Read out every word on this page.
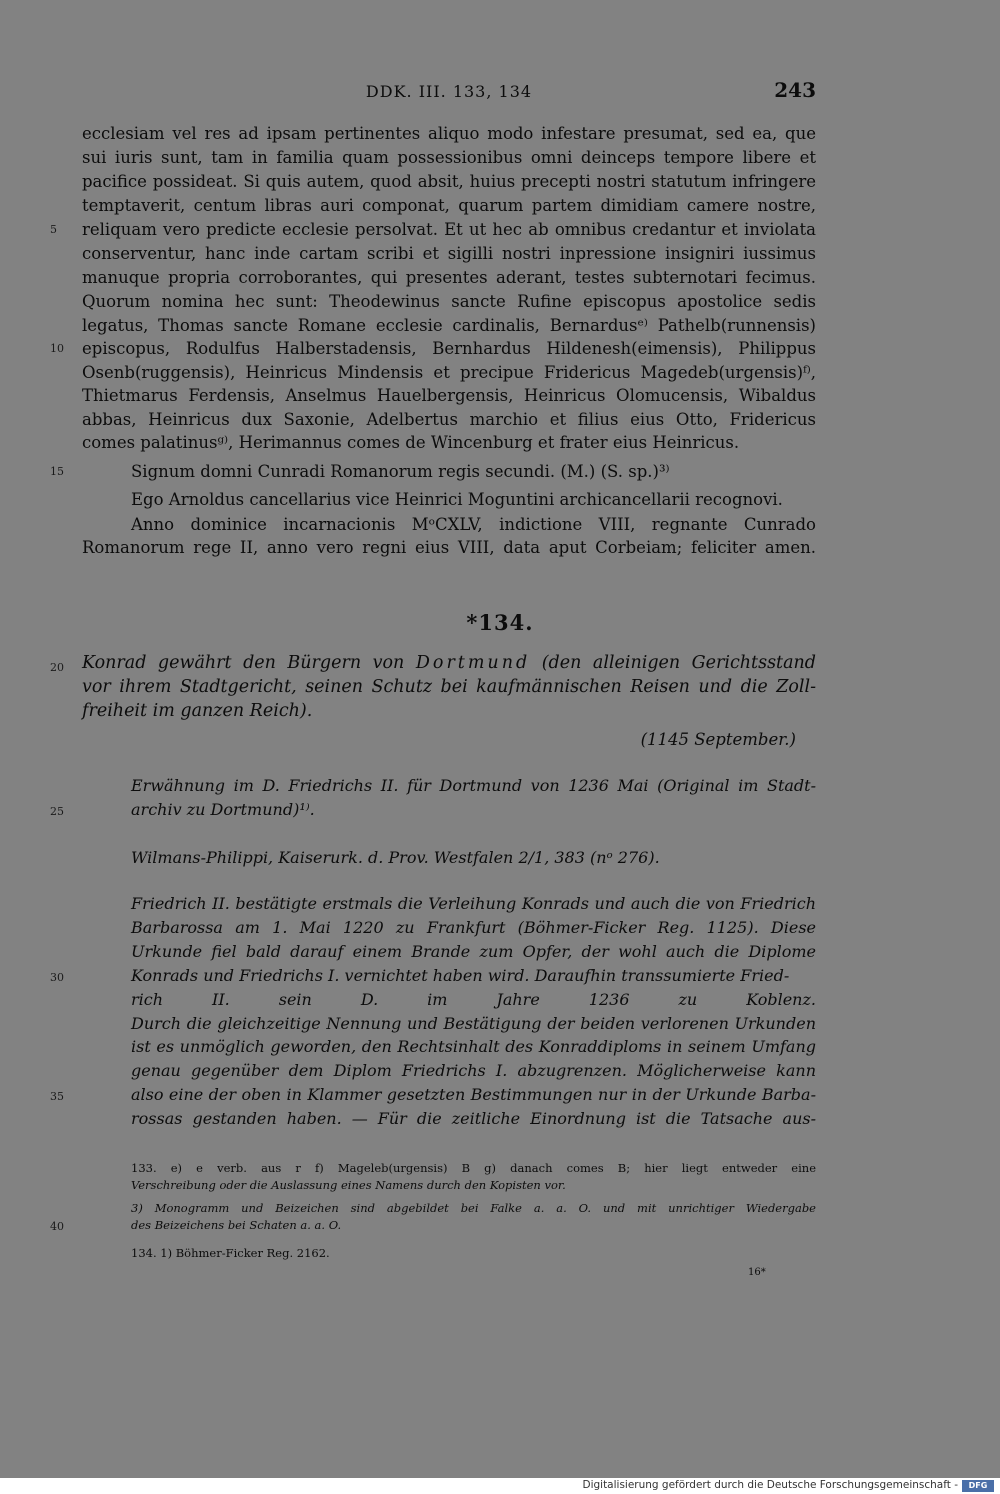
DDK. III. 133, 134	243
ecclesiam vel res ad ipsam pertinentes aliquo modo infestare presumat, sed ea, que
sui iuris sunt, tam in familia quam possessionibus omni deinceps tempore libere et
pacifice possideat. Si quis autem, quod absit, huius precepti nostri statutum infringere
temptaverit, centum libras auri componat, quarum partem dimidiam camere nostre,
reliquam vero predicte ecclesie persolvat. Et ut hec ab omnibus credantur et inviolata
5
conserventur, hanc inde cartam scribi et sigilli nostri inpressione insigniri iussimus
manuque propria corroborantes, qui presentes aderant, testes subternotari fecimus.
Quorum nomina hec sunt: Theodewinus sancte Rufine episcopus apostolice sedis
legatus, Thomas sancte Romane ecclesie cardinalis, Bernardusᵉ⁾ Pathelb(runnensis)
episcopus, Rodulfus Halberstadensis, Bernhardus Hildenesh(eimensis), Philippus
10
Osenb(ruggensis), Heinricus Mindensis et precipue Fridericus Magedeb(urgensis)ᶠ⁾,
Thietmarus Ferdensis, Anselmus Hauelbergensis, Heinricus Olomucensis, Wibaldus
abbas, Heinricus dux Saxonie, Adelbertus marchio et filius eius Otto, Fridericus
comes palatinusᵍ⁾, Herimannus comes de Wincenburg et frater eius Heinricus.
Signum domni Cunradi Romanorum regis secundi. (M.) (S. sp.)³⁾
15
Ego Arnoldus cancellarius vice Heinrici Moguntini archicancellarii recognovi.
Anno dominice incarnacionis MᵒCXLV, indictione VIII, regnante Cunrado
Romanorum rege II, anno vero regni eius VIII, data aput Corbeiam; feliciter amen.
*134.
20	Konrad gewährt den Bürgern von Dortmund (den alleinigen Gerichtsstand
vor ihrem Stadtgericht, seinen Schutz bei kaufmännischen Reisen und die Zoll-
freiheit im ganzen Reich).
(1145 September.)
Erwähnung im D. Friedrichs II. für Dortmund von 1236 Mai (Original im Stadt-
archiv zu Dortmund)¹⁾.
25
Wilmans-Philippi, Kaiserurk. d. Prov. Westfalen 2/1, 383 (nᵒ 276).
Friedrich II. bestätigte erstmals die Verleihung Konrads und auch die von Friedrich
Barbarossa am 1. Mai 1220 zu Frankfurt (Böhmer-Ficker Reg. 1125). Diese
Urkunde fiel bald darauf einem Brande zum Opfer, der wohl auch die Diplome
Konrads und Friedrichs I. vernichtet haben wird. Daraufhin transsumierte Fried-
30
rich II. sein D. im Jahre 1236 zu Koblenz.
Durch die gleichzeitige Nennung und Bestätigung der beiden verlorenen Urkunden
ist es unmöglich geworden, den Rechtsinhalt des Konraddiploms in seinem Umfang
genau gegenüber dem Diplom Friedrichs I. abzugrenzen. Möglicherweise kann
also eine der oben in Klammer gesetzten Bestimmungen nur in der Urkunde Barba-
35
rossas gestanden haben. — Für die zeitliche Einordnung ist die Tatsache aus-
133. e) e verb. aus r f) Mageleb(urgensis) B g) danach comes B; hier liegt entweder eine
Verschreibung oder die Auslassung eines Namens durch den Kopisten vor.
3) Monogramm und Beizeichen sind abgebildet bei Falke a. a. O. und mit unrichtiger Wiedergabe
des Beizeichens bei Schaten a. a. O.
40
134. 1) Böhmer-Ficker Reg. 2162.
16*
Digitalisierung gefördert durch die Deutsche Forschungsgemeinschaft -	DFG
